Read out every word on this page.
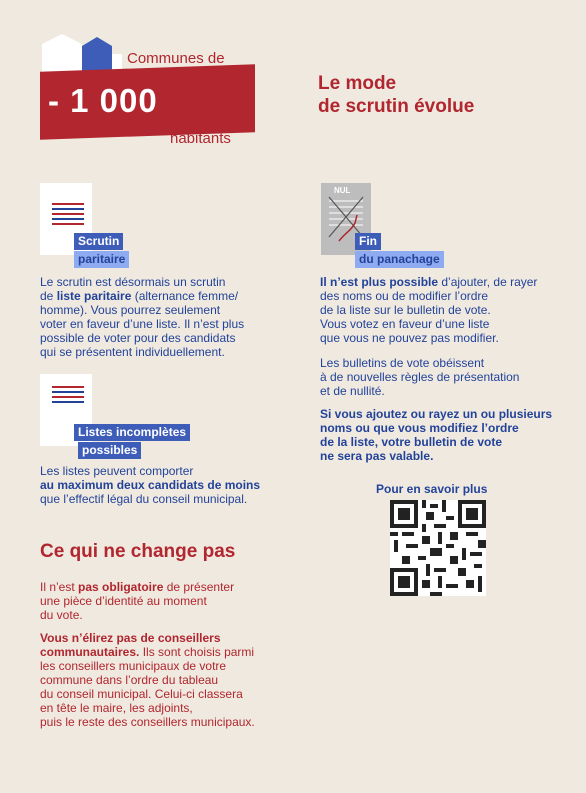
Communes de
- 1 000
habitants
Le mode
de scrutin évolue
Scrutin
paritaire
Le scrutin est désormais un scrutin
de liste paritaire (alternance femme/
homme). Vous pourrez seulement
voter en faveur d’une liste. Il n’est plus
possible de voter pour des candidats
qui se présentent individuellement.
Listes incomplètes
possibles
Les listes peuvent comporter
au maximum deux candidats de moins
que l’effectif légal du conseil municipal.
Ce qui ne change pas
Il n’est pas obligatoire de présenter
une pièce d’identité au moment
du vote.
Vous n’élirez pas de conseillers
communautaires. Ils sont choisis parmi
les conseillers municipaux de votre
commune dans l’ordre du tableau
du conseil municipal. Celui-ci classera
en tête le maire, les adjoints,
puis le reste des conseillers municipaux.
NUL
Fin
du panachage
Il n’est plus possible d’ajouter, de rayer
des noms ou de modifier l’ordre
de la liste sur le bulletin de vote.
Vous votez en faveur d’une liste
que vous ne pouvez pas modifier.
Les bulletins de vote obéissent
à de nouvelles règles de présentation
et de nullité.
Si vous ajoutez ou rayez un ou plusieurs
noms ou que vous modifiez l’ordre
de la liste, votre bulletin de vote
ne sera pas valable.
Pour en savoir plus
